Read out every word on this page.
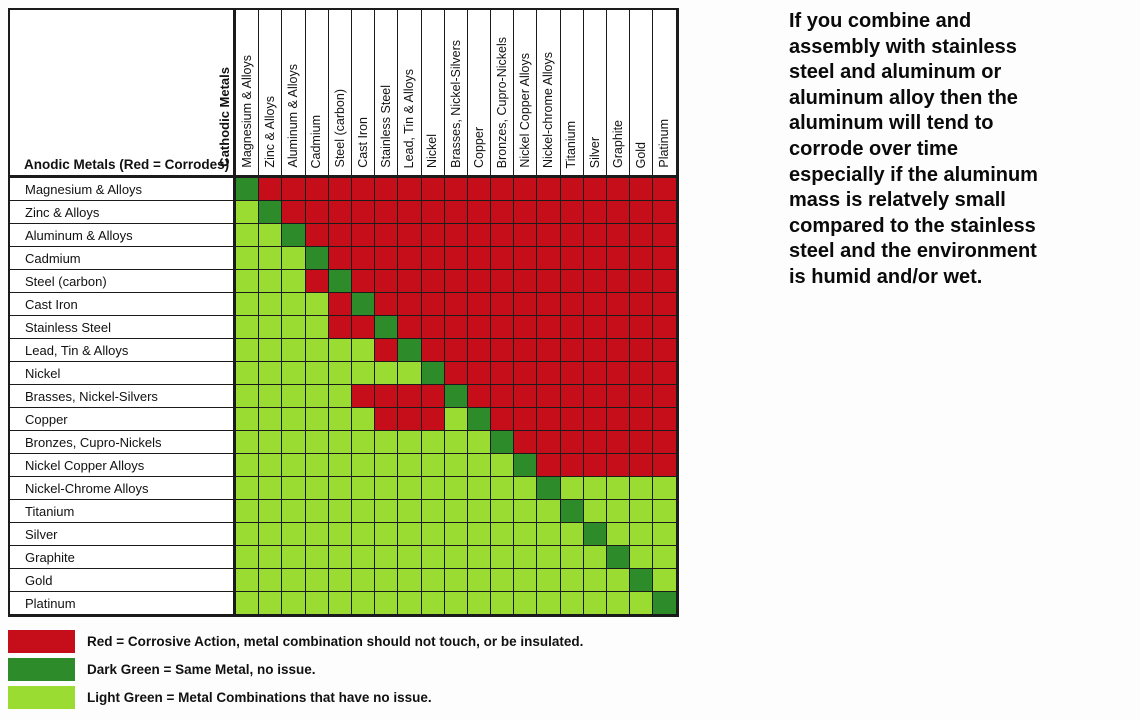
Cathodic Metals
Anodic Metals (Red = Corrodes) Magnesium & Alloys Zinc & Alloys Aluminum & Alloys Cadmium Steel (carbon) Cast Iron Stainless Steel Lead, Tin & Alloys Nickel Brasses, Nickel-Silvers Copper Bronzes, Cupro-Nickels Nickel Copper Alloys Nickel-chrome Alloys Titanium Silver Graphite Gold Platinum
Magnesium & Alloys
Zinc & Alloys
Aluminum & Alloys
Cadmium
Steel (carbon)
Cast Iron
Stainless Steel
Lead, Tin & Alloys
Nickel
Brasses, Nickel-Silvers
Copper
Bronzes, Cupro-Nickels
Nickel Copper Alloys
Nickel-Chrome Alloys
Titanium
Silver
Graphite
Gold
Platinum
Red = Corrosive Action, metal combination should not touch, or be insulated.
Dark Green = Same Metal, no issue.
Light Green = Metal Combinations that have no issue.
If you combine and
assembly with stainless
steel and aluminum or
aluminum alloy then the
aluminum will tend to
corrode over time
especially if the aluminum
mass is relatvely small
compared to the stainless
steel and the environment
is humid and/or wet.
